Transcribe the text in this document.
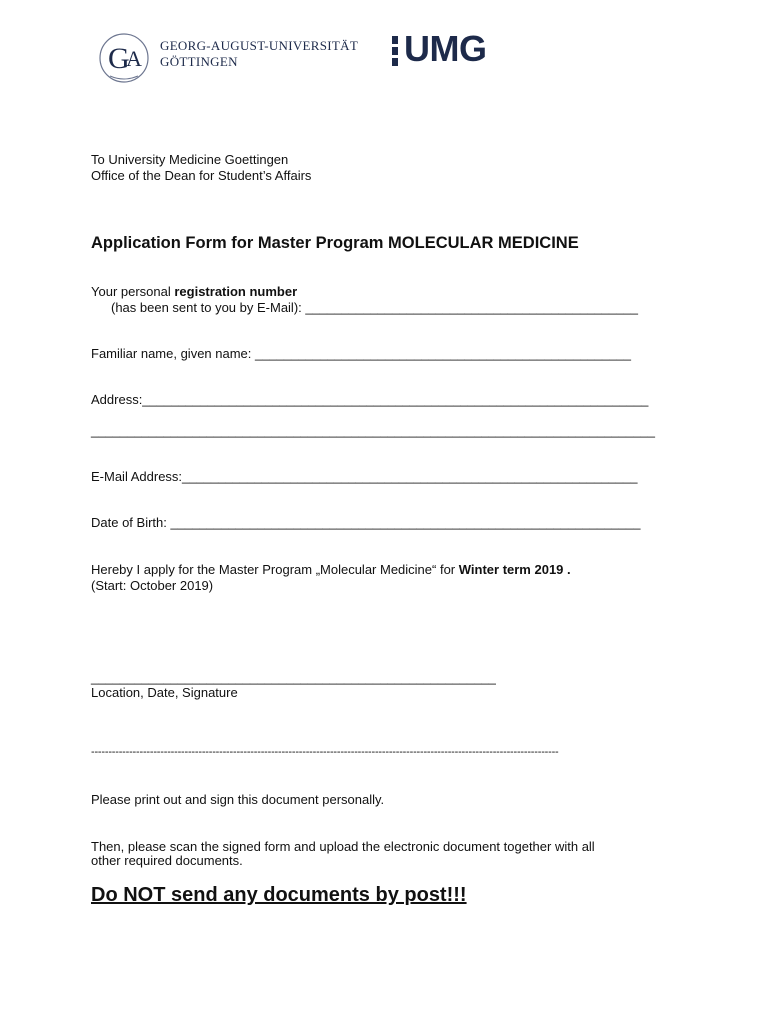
G
A
GEORG-AUGUST-UNIVERSITÄT
GÖTTINGEN	UMG
To University Medicine Goettingen
Office of the Dean for Student’s Affairs
Application Form for Master Program MOLECULAR MEDICINE
Your personal registration number
(has been sent to you by E-Mail): ______________________________________________
Familiar name, given name: ____________________________________________________
Address:______________________________________________________________________
______________________________________________________________________________
E-Mail Address:_______________________________________________________________
Date of Birth: _________________________________________________________________
Hereby I apply for the Master Program „Molecular Medicine“ for Winter term 2019 .
(Start: October 2019)
________________________________________________________
Location, Date, Signature
---------------------------------------------------------------------------------------------------------------------------------------
Please print out and sign this document personally.
Then, please scan the signed form and upload the electronic document together with all
other required documents.
Do NOT send any documents by post!!!
